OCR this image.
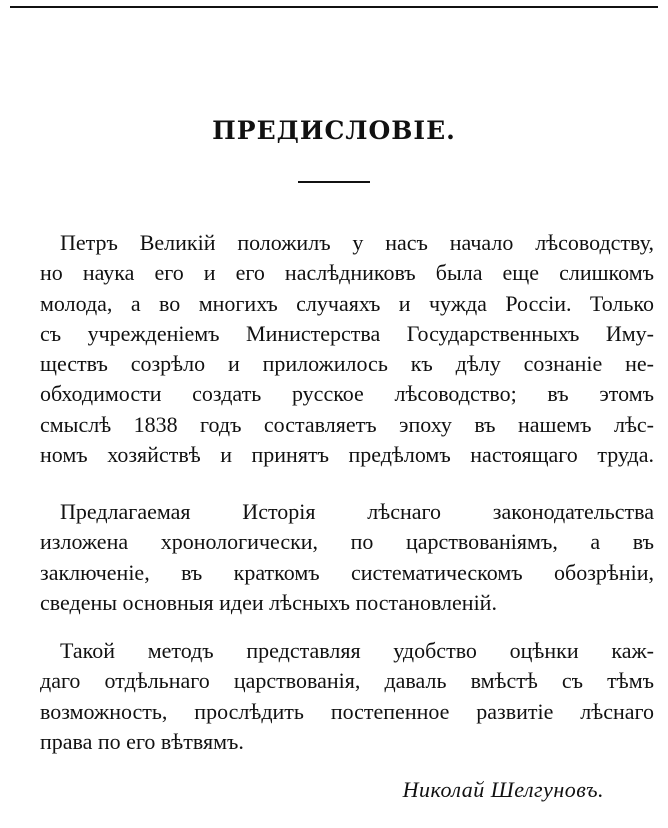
ПРЕДИСЛОВІЕ.
Петръ Великій положилъ у насъ начало лѣсоводству,
но наука его и его наслѣдниковъ была еще слишкомъ
молода, а во многихъ случаяхъ и чужда Россіи. Только
съ учрежденіемъ Министерства Государственныхъ Иму-
ществъ созрѣло и приложилось къ дѣлу сознаніе не-
обходимости создать русское лѣсоводство; въ этомъ
смыслѣ 1838 годъ составляетъ эпоху въ нашемъ лѣс-
номъ хозяйствѣ и принятъ предѣломъ настоящаго труда.
Предлагаемая Исторія лѣснаго законодательства
изложена хронологически, по царствованіямъ, а въ
заключеніе, въ краткомъ систематическомъ обозрѣніи,
сведены основныя идеи лѣсныхъ постановленій.
Такой методъ представляя удобство оцѣнки каж-
даго отдѣльнаго царствованія, даваль вмѣстѣ съ тѣмъ
возможность, прослѣдить постепенное развитіе лѣснаго
права по его вѣтвямъ.

Николай Шелгуновъ.
